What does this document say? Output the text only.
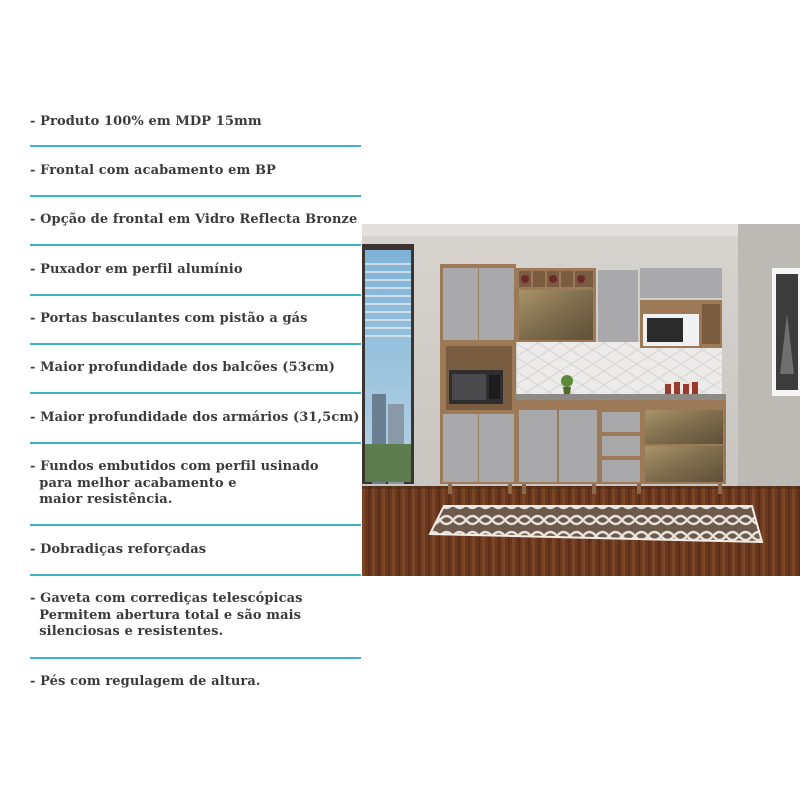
- Produto 100% em MDP 15mm
- Frontal com acabamento em BP
- Opção de frontal em Vidro Reflecta Bronze
- Puxador em perfil alumínio
- Portas basculantes com pistão a gás
- Maior profundidade dos balcões (53cm)
- Maior profundidade dos armários (31,5cm)
- Fundos embutidos com perfil usinado
para melhor acabamento e
maior resistência.
- Dobradiças reforçadas
- Gaveta com corrediças telescópicas
Permitem abertura total e são mais
silenciosas e resistentes.
- Pés com regulagem de altura.
